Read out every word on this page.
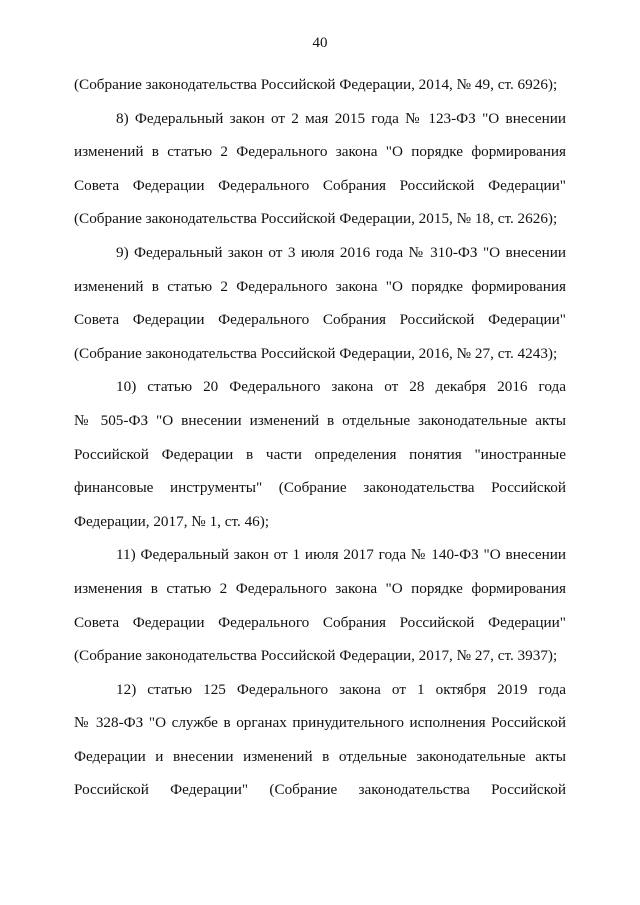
40
(Собрание законодательства Российской Федерации, 2014, № 49, ст. 6926);
8) Федеральный закон от 2 мая 2015 года № 123-ФЗ "О внесении
изменений в статью 2 Федерального закона "О порядке формирования
Совета Федерации Федерального Собрания Российской Федерации"
(Собрание законодательства Российской Федерации, 2015, № 18, ст. 2626);
9) Федеральный закон от 3 июля 2016 года № 310-ФЗ "О внесении
изменений в статью 2 Федерального закона "О порядке формирования
Совета Федерации Федерального Собрания Российской Федерации"
(Собрание законодательства Российской Федерации, 2016, № 27, ст. 4243);
10) статью 20 Федерального закона от 28 декабря 2016 года
№ 505-ФЗ "О внесении изменений в отдельные законодательные акты
Российской Федерации в части определения понятия "иностранные
финансовые инструменты" (Собрание законодательства Российской
Федерации, 2017, № 1, ст. 46);
11) Федеральный закон от 1 июля 2017 года № 140-ФЗ "О внесении
изменения в статью 2 Федерального закона "О порядке формирования
Совета Федерации Федерального Собрания Российской Федерации"
(Собрание законодательства Российской Федерации, 2017, № 27, ст. 3937);
12) статью 125 Федерального закона от 1 октября 2019 года
№ 328-ФЗ "О службе в органах принудительного исполнения Российской
Федерации и внесении изменений в отдельные законодательные акты
Российской Федерации" (Собрание законодательства Российской
